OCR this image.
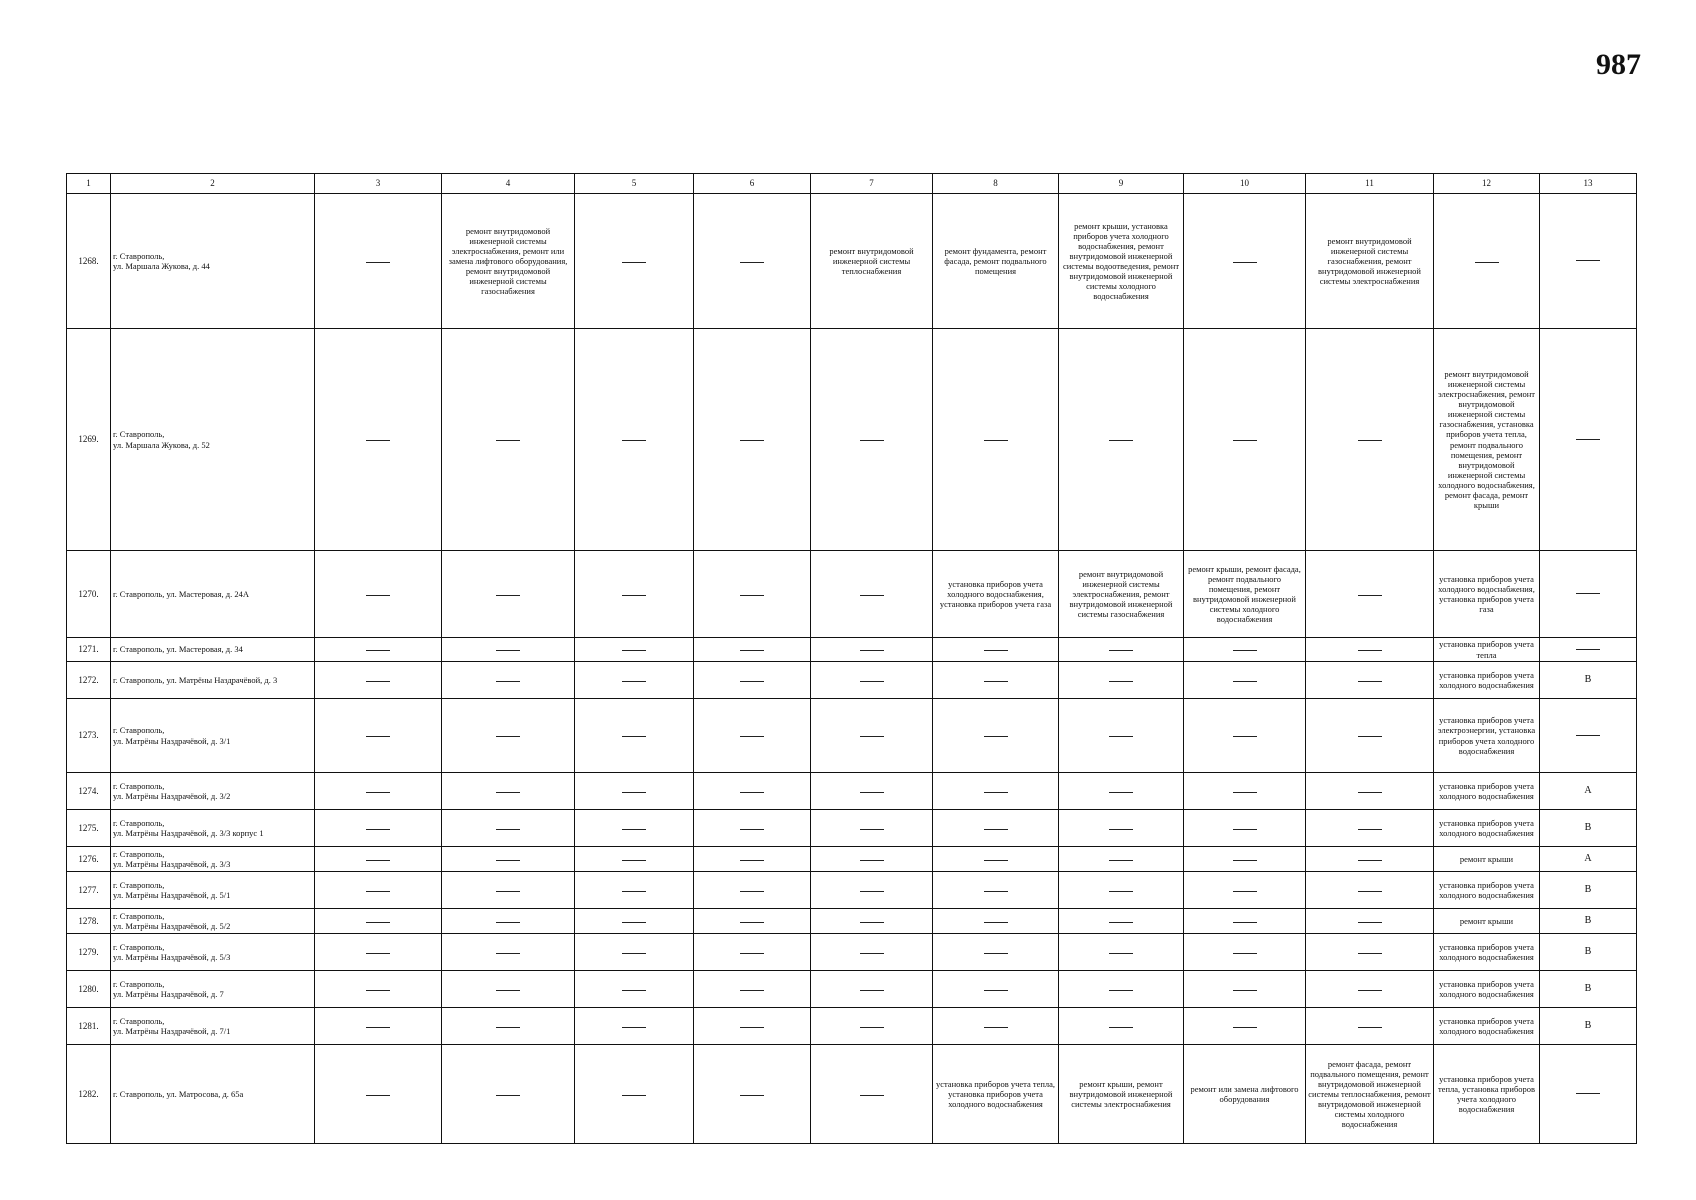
987
1	2	3	4	5	6	7	8	9	10	11	12	13
1268.	г. Ставрополь,
ул. Маршала Жукова, д. 44		ремонт внутридомовой инженерной системы электроснабжения, ремонт или замена лифтового оборудования, ремонт внутридомовой инженерной системы газоснабжения			ремонт внутридомовой инженерной системы теплоснабжения	ремонт фундамента, ремонт фасада, ремонт подвального помещения	ремонт крыши, установка приборов учета холодного водоснабжения, ремонт внутридомовой инженерной системы водоотведения, ремонт внутридомовой инженерной системы холодного водоснабжения		ремонт внутридомовой инженерной системы газоснабжения, ремонт внутридомовой инженерной системы электроснабжения		
1269.	г. Ставрополь,
ул. Маршала Жукова, д. 52										ремонт внутридомовой инженерной системы электроснабжения, ремонт внутридомовой инженерной системы газоснабжения, установка приборов учета тепла, ремонт подвального помещения, ремонт внутридомовой инженерной системы холодного водоснабжения, ремонт фасада, ремонт крыши	
1270.	г. Ставрополь, ул. Мастеровая, д. 24А						установка приборов учета холодного водоснабжения, установка приборов учета газа	ремонт внутридомовой инженерной системы электроснабжения, ремонт внутридомовой инженерной системы газоснабжения	ремонт крыши, ремонт фасада, ремонт подвального помещения, ремонт внутридомовой инженерной системы холодного водоснабжения		установка приборов учета холодного водоснабжения, установка приборов учета газа	
1271.	г. Ставрополь, ул. Мастеровая, д. 34										установка приборов учета тепла	
1272.	г. Ставрополь, ул. Матрёны Наздрачёвой, д. 3										установка приборов учета холодного водоснабжения	В
1273.	г. Ставрополь,
ул. Матрёны Наздрачёвой, д. 3/1										установка приборов учета электроэнергии, установка приборов учета холодного водоснабжения	
1274.	г. Ставрополь,
ул. Матрёны Наздрачёвой, д. 3/2										установка приборов учета холодного водоснабжения	А
1275.	г. Ставрополь,
ул. Матрёны Наздрачёвой, д. 3/3 корпус 1										установка приборов учета холодного водоснабжения	В
1276.	г. Ставрополь,
ул. Матрёны Наздрачёвой, д. 3/3										ремонт крыши	А
1277.	г. Ставрополь,
ул. Матрёны Наздрачёвой, д. 5/1										установка приборов учета холодного водоснабжения	В
1278.	г. Ставрополь,
ул. Матрёны Наздрачёвой, д. 5/2										ремонт крыши	В
1279.	г. Ставрополь,
ул. Матрёны Наздрачёвой, д. 5/3										установка приборов учета холодного водоснабжения	В
1280.	г. Ставрополь,
ул. Матрёны Наздрачёвой, д. 7										установка приборов учета холодного водоснабжения	В
1281.	г. Ставрополь,
ул. Матрёны Наздрачёвой, д. 7/1										установка приборов учета холодного водоснабжения	В
1282.	г. Ставрополь, ул. Матросова, д. 65а						установка приборов учета тепла, установка приборов учета холодного водоснабжения	ремонт крыши, ремонт внутридомовой инженерной системы электроснабжения	ремонт или замена лифтового оборудования	ремонт фасада, ремонт подвального помещения, ремонт внутридомовой инженерной системы теплоснабжения, ремонт внутридомовой инженерной системы холодного водоснабжения	установка приборов учета тепла, установка приборов учета холодного водоснабжения	
